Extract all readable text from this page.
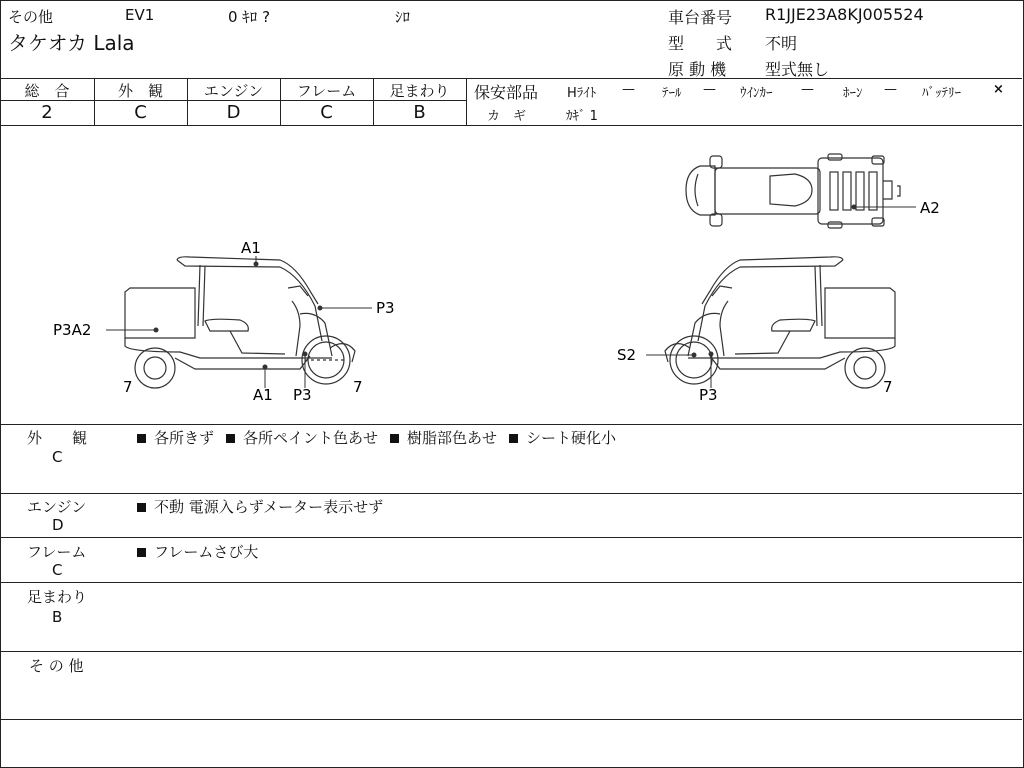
その他	EV1	0 ｷﾛ ?	ｼﾛ
タケオカ Lala
車台番号 R1JJE23A8KJ005524
型　　式 不明
原 動 機 型式無し
総　合
2
外　観
C
エンジン
D
フレーム
C
足まわり
B
保安部品 Hﾗｲﾄ — ﾃｰﾙ — ｳｲﾝｶｰ — ﾎｰﾝ — ﾊﾞｯﾃﾘｰ ×
カ　ギ	ｶｷﾞ 1
A1
P3A2
P3
7	A1 P3	7
S2
P3	7
A2
外　　観
C
各所きず 各所ペイント色あせ 樹脂部色あせ シート硬化小
エンジン
D
不動 電源入らずメーター表示せず
フレーム
C
フレームさび大
足まわり
B
そ の 他
